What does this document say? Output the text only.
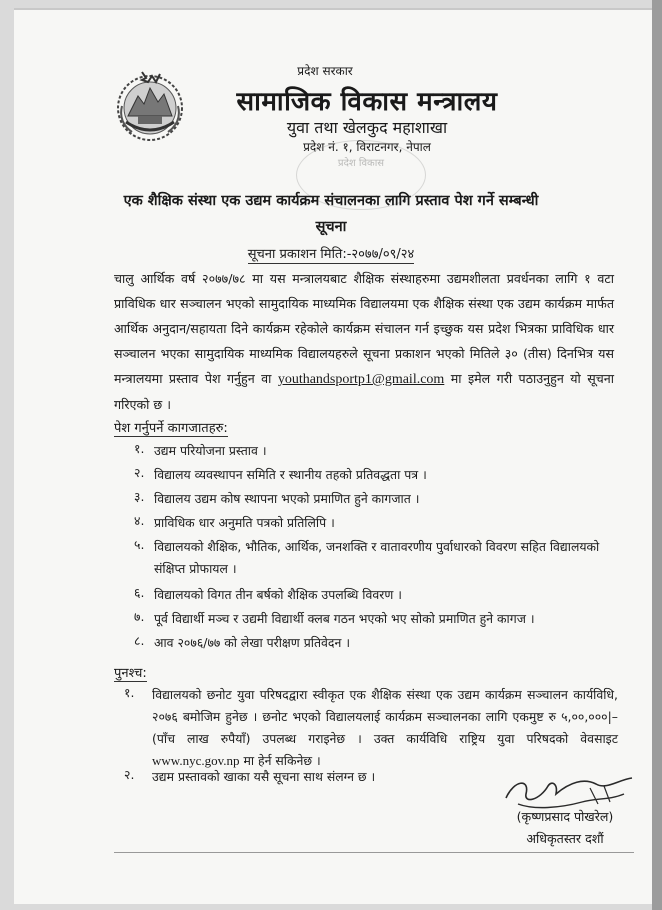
प्रदेश सरकार
सामाजिक विकास मन्त्रालय
युवा तथा खेलकुद महाशाखा
प्रदेश नं. १, विराटनगर, नेपाल
प्रदेश विकास
एक शैक्षिक संस्था एक उद्यम कार्यक्रम संचालनका लागि प्रस्ताव पेश गर्ने सम्बन्धी
सूचना
सूचना प्रकाशन मिति:-२०७७/०९/२४
चालु आर्थिक वर्ष २०७७/७८ मा यस मन्त्रालयबाट शैक्षिक संस्थाहरुमा उद्यमशीलता प्रवर्धनका लागि १ वटा प्राविधिक धार सञ्चालन भएको सामुदायिक माध्यमिक विद्यालयमा एक शैक्षिक संस्था एक उद्यम कार्यक्रम मार्फत आर्थिक अनुदान/सहायता दिने कार्यक्रम रहेकोले कार्यक्रम संचालन गर्न इच्छुक यस प्रदेश भित्रका प्राविधिक धार सञ्चालन भएका सामुदायिक माध्यमिक विद्यालयहरुले सूचना प्रकाशन भएको मितिले ३० (तीस) दिनभित्र यस मन्त्रालयमा प्रस्ताव पेश गर्नुहुन वा youthandsportp1@gmail.com मा इमेल गरी पठाउनुहुन यो सूचना गरिएको छ ।
पेश गर्नुपर्ने कागजातहरु:
१. उद्यम परियोजना प्रस्ताव ।
२. विद्यालय व्यवस्थापन समिति र स्थानीय तहको प्रतिवद्धता पत्र ।
३. विद्यालय उद्यम कोष स्थापना भएको प्रमाणित हुने कागजात ।
४. प्राविधिक धार अनुमति पत्रको प्रतिलिपि ।
५. विद्यालयको शैक्षिक, भौतिक, आर्थिक, जनशक्ति र वातावरणीय पुर्वाधारको विवरण सहित विद्यालयको संक्षिप्त प्रोफायल ।
६. विद्यालयको विगत तीन बर्षको शैक्षिक उपलब्धि विवरण ।
७. पूर्व विद्यार्थी मञ्च र उद्यमी विद्यार्थी क्लब गठन भएको भए सोको प्रमाणित हुने कागज ।
८. आव २०७६/७७ को लेखा परीक्षण प्रतिवेदन ।
पुनश्च:
१.	विद्यालयको छनोट युवा परिषदद्वारा स्वीकृत एक शैक्षिक संस्था एक उद्यम कार्यक्रम सञ्चालन कार्यविधि, २०७६ बमोजिम हुनेछ । छनोट भएको विद्यालयलाई कार्यक्रम सञ्चालनका लागि एकमुष्ट रु ५,००,०००|– (पाँच लाख रुपैयाँ) उपलब्ध गराइनेछ । उक्त कार्यविधि राष्ट्रिय युवा परिषदको वेवसाइट www.nyc.gov.np मा हेर्न सकिनेछ ।
२.	उद्यम प्रस्तावको खाका यसै सूचना साथ संलग्न छ ।
(कृष्णप्रसाद पोखरेल)
अधिकृतस्तर दशौं
